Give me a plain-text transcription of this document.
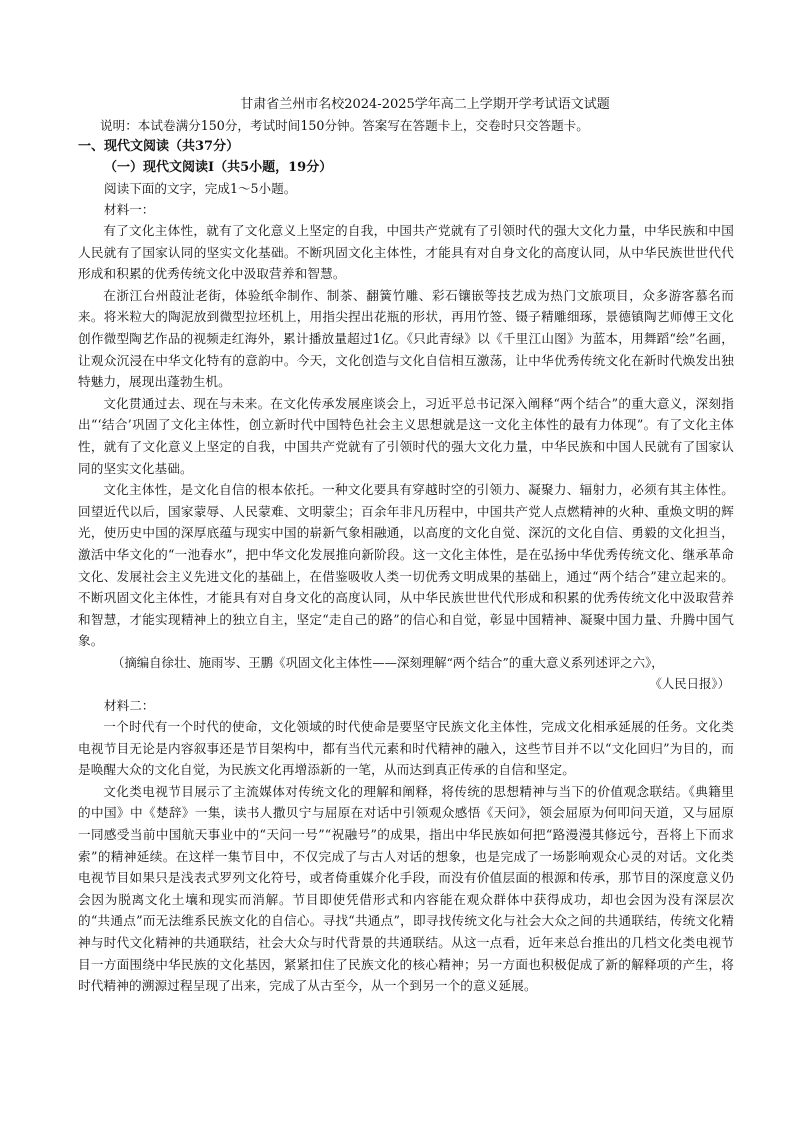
甘肃省兰州市名校2024-2025学年高二上学期开学考试语文试题

说明：本试卷满分150分，考试时间150分钟。答案写在答题卡上，交卷时只交答题卡。

一、现代文阅读（共37分）

（一）现代文阅读Ⅰ（共5小题，19分）

阅读下面的文字，完成1～5小题。

材料一：

有了文化主体性，就有了文化意义上坚定的自我，中国共产党就有了引领时代的强大文化力量，中华民族和中国人民就有了国家认同的坚实文化基础。不断巩固文化主体性，才能具有对自身文化的高度认同，从中华民族世世代代形成和积累的优秀传统文化中汲取营养和智慧。

在浙江台州葭沚老街，体验纸伞制作、制茶、翻簧竹雕、彩石镶嵌等技艺成为热门文旅项目，众多游客慕名而来。将米粒大的陶泥放到微型拉坯机上，用指尖捏出花瓶的形状，再用竹签、镊子精雕细琢，景德镇陶艺师傅王文化创作微型陶艺作品的视频走红海外，累计播放量超过1亿。《只此青绿》以《千里江山图》为蓝本，用舞蹈“绘”名画，让观众沉浸在中华文化特有的意韵中。今天，文化创造与文化自信相互激荡，让中华优秀传统文化在新时代焕发出独特魅力，展现出蓬勃生机。

文化贯通过去、现在与未来。在文化传承发展座谈会上，习近平总书记深入阐释“两个结合”的重大意义，深刻指出“‘结合’巩固了文化主体性，创立新时代中国特色社会主义思想就是这一文化主体性的最有力体现”。有了文化主体性，就有了文化意义上坚定的自我，中国共产党就有了引领时代的强大文化力量，中华民族和中国人民就有了国家认同的坚实文化基础。

文化主体性，是文化自信的根本依托。一种文化要具有穿越时空的引领力、凝聚力、辐射力，必须有其主体性。回望近代以后，国家蒙辱、人民蒙难、文明蒙尘；百余年非凡历程中，中国共产党人点燃精神的火种、重焕文明的辉光，使历史中国的深厚底蕴与现实中国的崭新气象相融通，以高度的文化自觉、深沉的文化自信、勇毅的文化担当，激活中华文化的“一池春水”，把中华文化发展推向新阶段。这一文化主体性，是在弘扬中华优秀传统文化、继承革命文化、发展社会主义先进文化的基础上，在借鉴吸收人类一切优秀文明成果的基础上，通过“两个结合”建立起来的。不断巩固文化主体性，才能具有对自身文化的高度认同，从中华民族世世代代形成和积累的优秀传统文化中汲取营养和智慧，才能实现精神上的独立自主，坚定“走自己的路”的信心和自觉，彰显中国精神、凝聚中国力量、升腾中国气象。

（摘编自徐壮、施雨岑、王鹏《巩固文化主体性——深刻理解“两个结合”的重大意义系列述评之六》，

《人民日报》）

材料二：

一个时代有一个时代的使命，文化领域的时代使命是要坚守民族文化主体性，完成文化相承延展的任务。文化类电视节目无论是内容叙事还是节目架构中，都有当代元素和时代精神的融入，这些节目并不以“文化回归”为目的，而是唤醒大众的文化自觉，为民族文化再增添新的一笔，从而达到真正传承的自信和坚定。

文化类电视节目展示了主流媒体对传统文化的理解和阐释，将传统的思想精神与当下的价值观念联结。《典籍里的中国》中《楚辞》一集，读书人撒贝宁与屈原在对话中引领观众感悟《天问》，领会屈原为何叩问天道，又与屈原一同感受当前中国航天事业中的“天问一号”“祝融号”的成果，指出中华民族如何把“路漫漫其修远兮，吾将上下而求索”的精神延续。在这样一集节目中，不仅完成了与古人对话的想象，也是完成了一场影响观众心灵的对话。文化类电视节目如果只是浅表式罗列文化符号，或者倚重媒介化手段，而没有价值层面的根源和传承，那节目的深度意义仍会因为脱离文化土壤和现实而消解。节目即使凭借形式和内容能在观众群体中获得成功，却也会因为没有深层次的“共通点”而无法维系民族文化的自信心。寻找“共通点”，即寻找传统文化与社会大众之间的共通联结，传统文化精神与时代文化精神的共通联结，社会大众与时代背景的共通联结。从这一点看，近年来总台推出的几档文化类电视节目一方面围绕中华民族的文化基因，紧紧扣住了民族文化的核心精神；另一方面也积极促成了新的解释项的产生，将时代精神的溯源过程呈现了出来，完成了从古至今，从一个到另一个的意义延展。
